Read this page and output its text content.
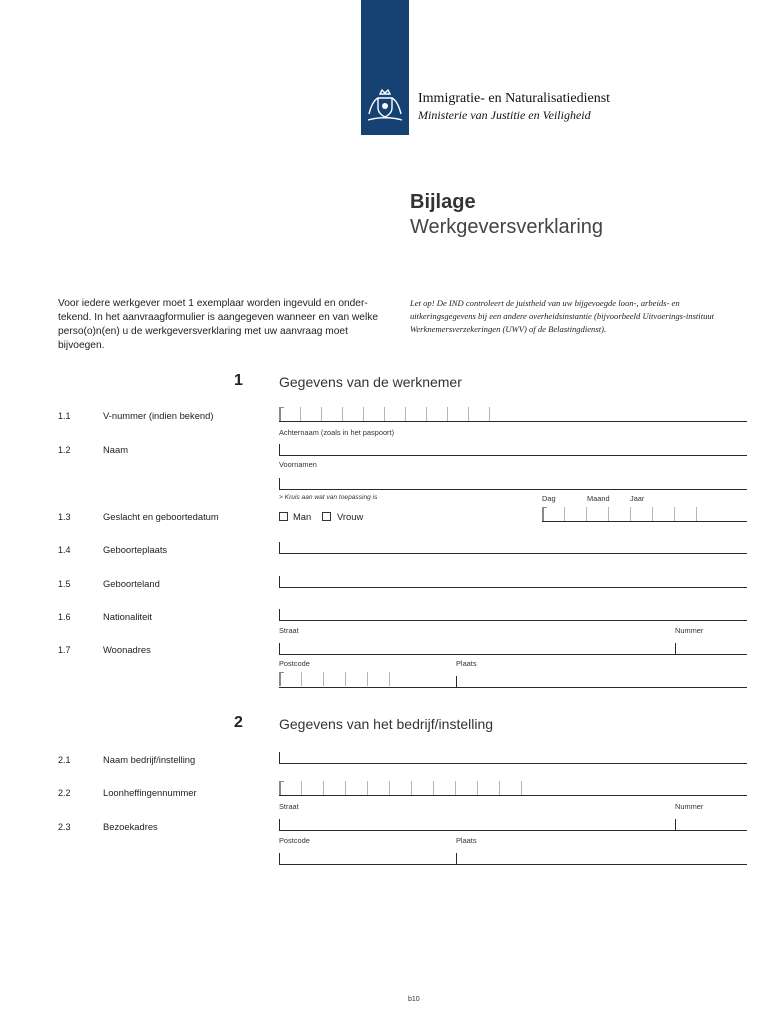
Immigratie- en Naturalisatiedienst
Ministerie van Justitie en Veiligheid
Bijlage
Werkgeversverklaring
Voor iedere werkgever moet 1 exemplaar worden ingevuld en onder-tekend. In het aanvraagformulier is aangegeven wanneer en van welke perso(o)n(en) u de werkgeversverklaring met uw aanvraag moet bijvoegen.
Let op! De IND controleert de juistheid van uw bijgevoegde loon-, arbeids- en uitkeringsgegevens bij een andere overheidsinstantie (bijvoorbeeld Uitvoerings-instituut Werknemersverzekeringen (UWV) of de Belastingdienst).
1	Gegevens van de werknemer
1.1	V-nummer (indien bekend)
Achternaam (zoals in het paspoort)
1.2	Naam
Voornamen
> Kruis aan wat van toepassing is	Dag	Maand	Jaar
1.3	Geslacht en geboortedatum	Man	Vrouw
1.4	Geboorteplaats
1.5	Geboorteland
1.6	Nationaliteit
Straat	Nummer
1.7	Woonadres
Postcode	Plaats
2	Gegevens van het bedrijf/instelling
2.1	Naam bedrijf/instelling
2.2	Loonheffingennummer
Straat	Nummer
2.3	Bezoekadres
Postcode	Plaats
b10
